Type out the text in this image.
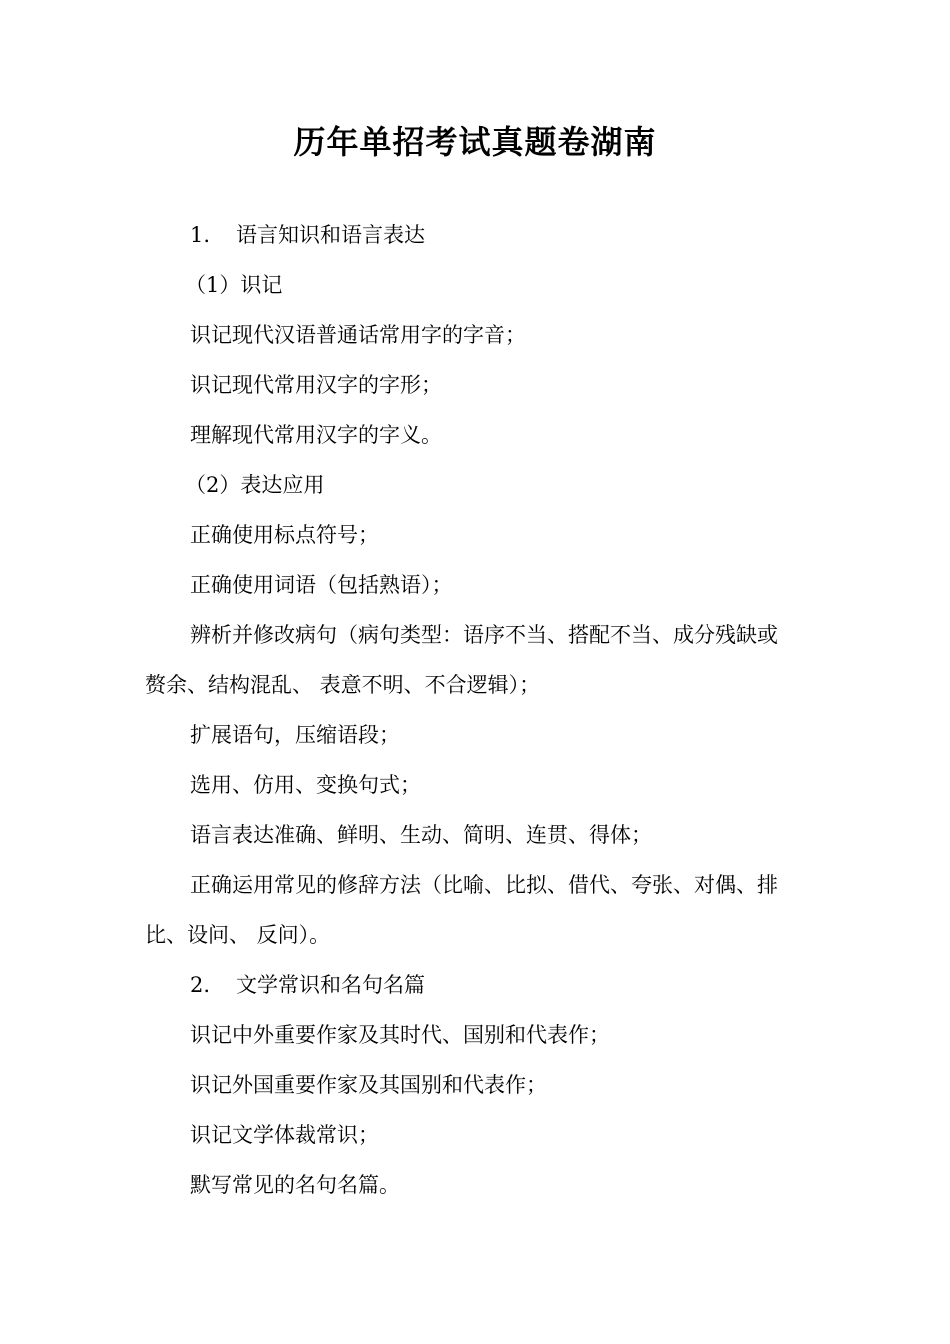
历年单招考试真题卷湖南

1. 语言知识和语言表达

（1）识记

识记现代汉语普通话常用字的字音；

识记现代常用汉字的字形；

理解现代常用汉字的字义。

（2）表达应用

正确使用标点符号；

正确使用词语（包括熟语）；

辨析并修改病句（病句类型：语序不当、搭配不当、成分残缺或

赘余、结构混乱、 表意不明、不合逻辑）；

扩展语句，压缩语段；

选用、仿用、变换句式；

语言表达准确、鲜明、生动、简明、连贯、得体；

正确运用常见的修辞方法（比喻、比拟、借代、夸张、对偶、排

比、设问、 反问）。

2. 文学常识和名句名篇

识记中外重要作家及其时代、国别和代表作；

识记外国重要作家及其国别和代表作；

识记文学体裁常识；

默写常见的名句名篇。
